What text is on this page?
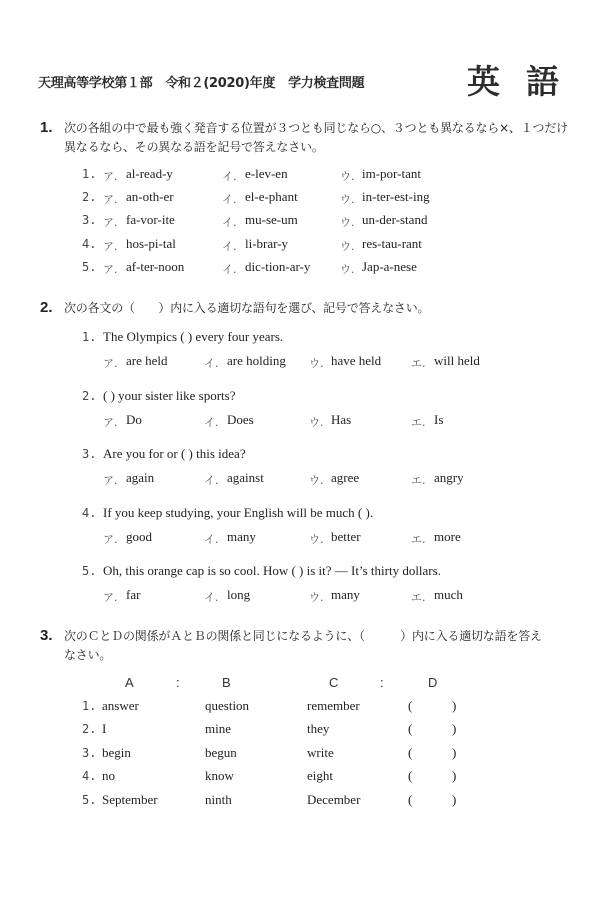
天理高等学校第１部 令和２(2020)年度 学力検査問題	英語
1. 次の各組の中で最も強く発音する位置が３つとも同じなら○、３つとも異なるなら×、１つだけ
異なるなら、その異なる語を記号で答えなさい。
1. ア. al-read-y	イ. e-lev-en	ウ. im-por-tant
2. ア. an-oth-er	イ. el-e-phant	ウ. in-ter-est-ing
3. ア. fa-vor-ite	イ. mu-se-um	ウ. un-der-stand
4. ア. hos-pi-tal	イ. li-brar-y	ウ. res-tau-rant
5. ア. af-ter-noon	イ. dic-tion-ar-y	ウ. Jap-a-nese
2. 次の各文の（　　）内に入る適切な語句を選び、記号で答えなさい。
1. The Olympics ( ) every four years.
ア. are held	イ. are holding ウ. have held	エ. will held
2. ( ) your sister like sports?
ア. Do	イ. Does	ウ. Has	エ. Is
3. Are you for or ( ) this idea?
ア. again	イ. against	ウ. agree	エ. angry
4. If you keep studying, your English will be much ( ).
ア. good	イ. many	ウ. better	エ. more
5. Oh, this orange cap is so cool. How ( ) is it? — It’s thirty dollars.
ア. far	イ. long	ウ. many	エ. much
3. 次のＣとＤの関係がＡとＢの関係と同じになるように、（　　　）内に入る適切な語を答え
なさい。
A	:	B	C	:	D
1. answer	question	remember	(	)
2. I	mine	they	(	)
3. begin	begun	write	(	)
4. no	know	eight	(	)
5. September	ninth	December	(	)
